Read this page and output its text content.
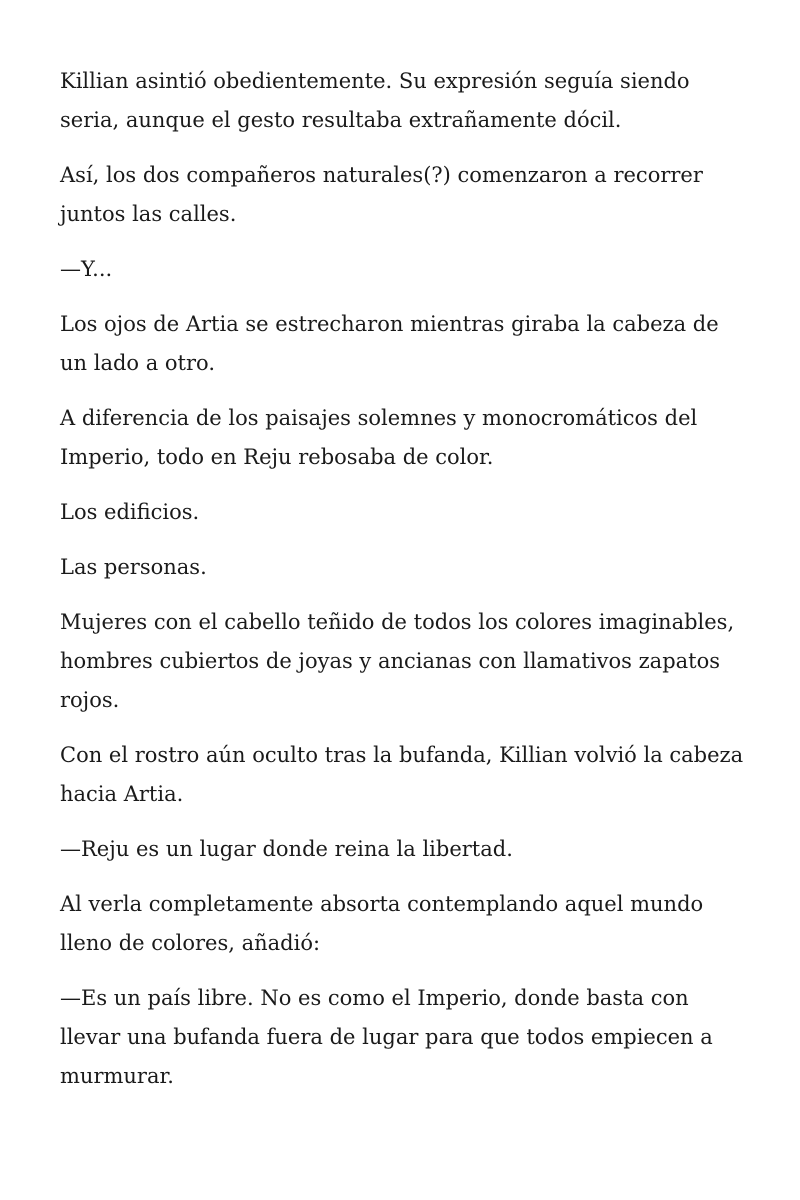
Killian asintió obedientemente. Su expresión seguía siendo seria, aunque el gesto resultaba extrañamente dócil.

Así, los dos compañeros naturales(?) comenzaron a recorrer juntos las calles.

—Y...

Los ojos de Artia se estrecharon mientras giraba la cabeza de un lado a otro.

A diferencia de los paisajes solemnes y monocromáticos del Imperio, todo en Reju rebosaba de color.

Los edificios.

Las personas.

Mujeres con el cabello teñido de todos los colores imaginables, hombres cubiertos de joyas y ancianas con llamativos zapatos rojos.

Con el rostro aún oculto tras la bufanda, Killian volvió la cabeza hacia Artia.

—Reju es un lugar donde reina la libertad.

Al verla completamente absorta contemplando aquel mundo lleno de colores, añadió:

—Es un país libre. No es como el Imperio, donde basta con llevar una bufanda fuera de lugar para que todos empiecen a murmurar.
